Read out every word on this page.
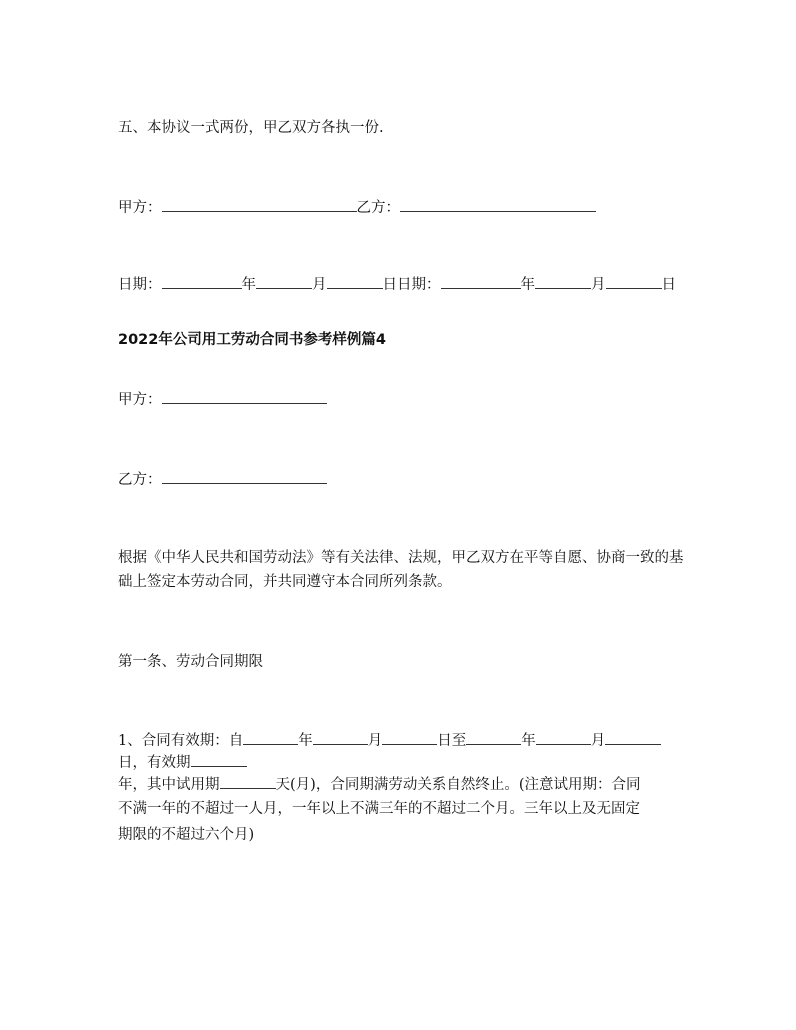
五、本协议一式两份，甲乙双方各执一份.
甲方：	乙方：
日期：	年	月	日日期：	年	月	日
2022年公司用工劳动合同书参考样例篇4
甲方：
乙方：
根据《中华人民共和国劳动法》等有关法律、法规，甲乙双方在平等自愿、协商一致的基础上签定本劳动合同，并共同遵守本合同所列条款。
第一条、劳动合同期限
1、合同有效期：自	年	月	日至	年	月
日，有效期
年，其中试用期	天(月)，合同期满劳动关系自然终止。(注意试用期：合同
不满一年的不超过一人月，一年以上不满三年的不超过二个月。三年以上及无固定
期限的不超过六个月)
